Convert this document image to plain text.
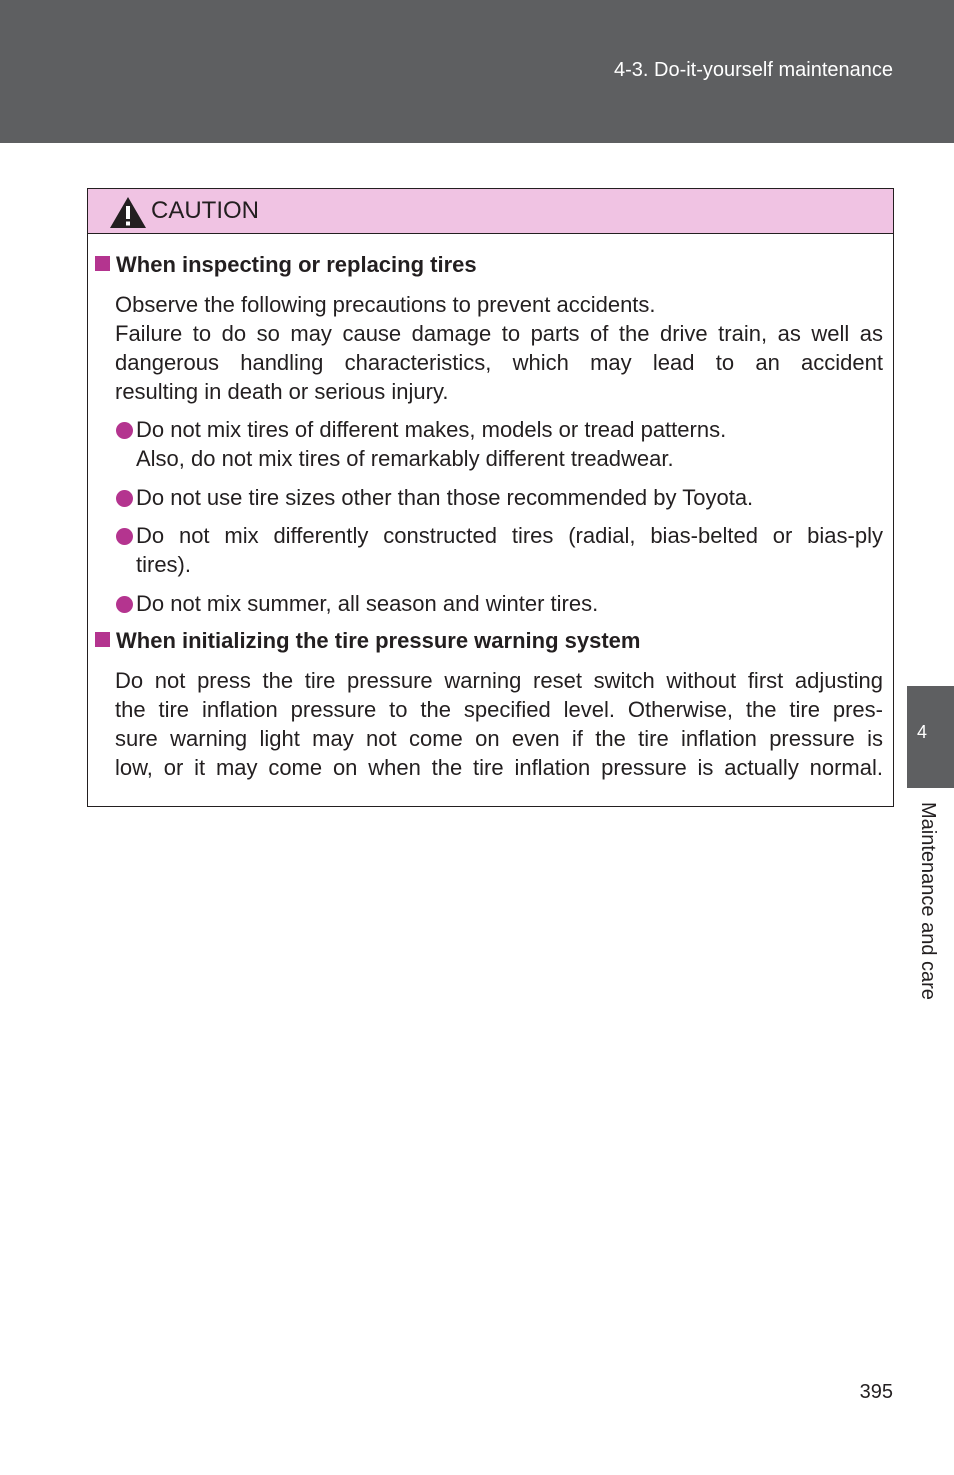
4-3. Do-it-yourself maintenance
4
Maintenance and care
CAUTION
When inspecting or replacing tires
Observe the following precautions to prevent accidents.
Failure to do so may cause damage to parts of the drive train, as well as
dangerous handling characteristics, which may lead to an accident
resulting in death or serious injury.
Do not mix tires of different makes, models or tread patterns.
Also, do not mix tires of remarkably different treadwear.
Do not use tire sizes other than those recommended by Toyota.
Do not mix differently constructed tires (radial, bias-belted or bias-ply
tires).
Do not mix summer, all season and winter tires.
When initializing the tire pressure warning system
Do not press the tire pressure warning reset switch without first adjusting
the tire inflation pressure to the specified level. Otherwise, the tire pres-
sure warning light may not come on even if the tire inflation pressure is
low, or it may come on when the tire inflation pressure is actually normal.
395
